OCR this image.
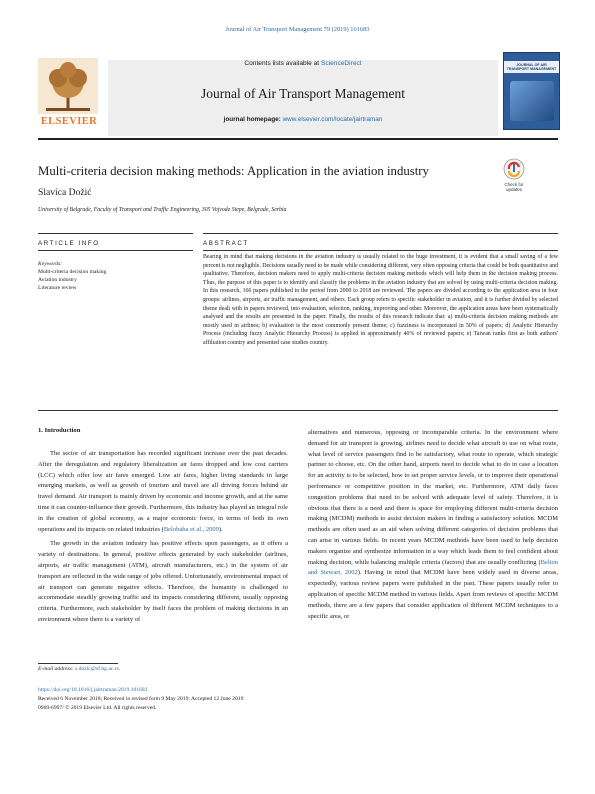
Journal of Air Transport Management 79 (2019) 101683
ELSEVIER
Contents lists available at ScienceDirect
Journal of Air Transport Management
journal homepage: www.elsevier.com/locate/jairtraman
JOURNAL OF AIR TRANSPORT MANAGEMENT
Multi-criteria decision making methods: Application in the aviation industry
Check for
updates
Slavica Dožić
University of Belgrade, Faculty of Transport and Traffic Engineering, 305 Vojvode Stepe, Belgrade, Serbia
ARTICLE INFO	ABSTRACT
Keywords:
Multi-criteria decision making
Aviation industry
Literature review
Bearing in mind that making decisions in the aviation industry is usually related to the huge investment, it is evident that a small saving of a few percent is not negligible. Decisions usually need to be made while considering different, very often opposing criteria that could be both quantitative and qualitative. Therefore, decision makers need to apply multi-criteria decision making methods which will help them in the decision making process. Thus, the purpose of this paper is to identify and classify the problems in the aviation industry that are solved by using multi-criteria decision making. In this research, 166 papers published in the period from 2000 to 2018 are reviewed. The papers are divided according to the application area in four groups: airlines, airports, air traffic management, and others. Each group refers to specific stakeholder in aviation, and it is further divided by selected theme dealt with in papers reviewed, into evaluation, selection, ranking, improving and other. Moreover, the application areas have been systematically analysed and the results are presented in the paper. Finally, the results of this research indicate that: a) multi-criteria decision making methods are mostly used in airlines; b) evaluation is the most commonly present theme; c) fuzziness is incorporated in 50% of papers; d) Analytic Hierarchy Process (including fuzzy Analytic Hierarchy Process) is applied in approximately 40% of reviewed papers; e) Taiwan ranks first as both authors' affiliation country and presented case studies country.
1. Introduction

The sector of air transportation has recorded significant increase over the past decades. After the deregulation and regulatory liberalization air fares dropped and low cost carriers (LCC) which offer low air fares emerged. Low air fares, higher living standards in large emerging markets, as well as growth of tourism and travel are all driving forces behind air travel demand. Air transport is mainly driven by economic and income growth, and at the same time it can counter-influence their growth. Furthermore, this industry has played an integral role in the creation of global economy, as a major economic force, in terms of both its own operations and its impacts on related industries (Belobaba et al., 2009).

The growth in the aviation industry has positive effects upon passengers, as it offers a variety of destinations. In general, positive effects generated by each stakeholder (airlines, airports, air traffic management (ATM), aircraft manufacturers, etc.) in the system of air transport are reflected in the wide range of jobs offered. Unfortunately, environmental impact of air transport can generate negative effects. Therefore, the humanity is challenged to accommodate steadily growing traffic and its impacts considering different, usually opposing criteria. Furthermore, each stakeholder by itself faces the problem of making decisions in an environment where there is a variety of

alternatives and numerous, opposing or incomparable criteria. In the environment where demand for air transport is growing, airlines need to decide what aircraft to use on what route, what level of service passengers find to be satisfactory, what route to operate, which strategic partner to choose, etc. On the other hand, airports need to decide what to do in case a location for an activity is to be selected, how to set proper service levels, or to improve their operational performance or competitive position in the market, etc. Furthermore, ATM daily faces congestion problems that need to be solved with adequate level of safety. Therefore, it is obvious that there is a need and there is space for employing different multi-criteria decision making (MCDM) methods to assist decision makers in finding a satisfactory solution. MCDM methods are often used as an aid when solving different categories of decision problems that can arise in various fields. In recent years MCDM methods have been used to help decision makers organize and synthesize information in a way which leads them to feel confident about making decision, while balancing multiple criteria (factors) that are usually conflicting (Belton and Stewart, 2002). Having in mind that MCDM have been widely used in diverse areas, expectedly, various review papers were published in the past. These papers usually refer to application of specific MCDM method in various fields. Apart from reviews of specific MCDM methods, there are a few papers that consider application of different MCDM techniques to a specific area, or

E-mail address: s.dozic@sf.bg.ac.rs.
https://doi.org/10.1016/j.jairtraman.2019.101683
Received 6 November 2018; Received in revised form 9 May 2019; Accepted 12 June 2019
0969-6997/ © 2019 Elsevier Ltd. All rights reserved.
